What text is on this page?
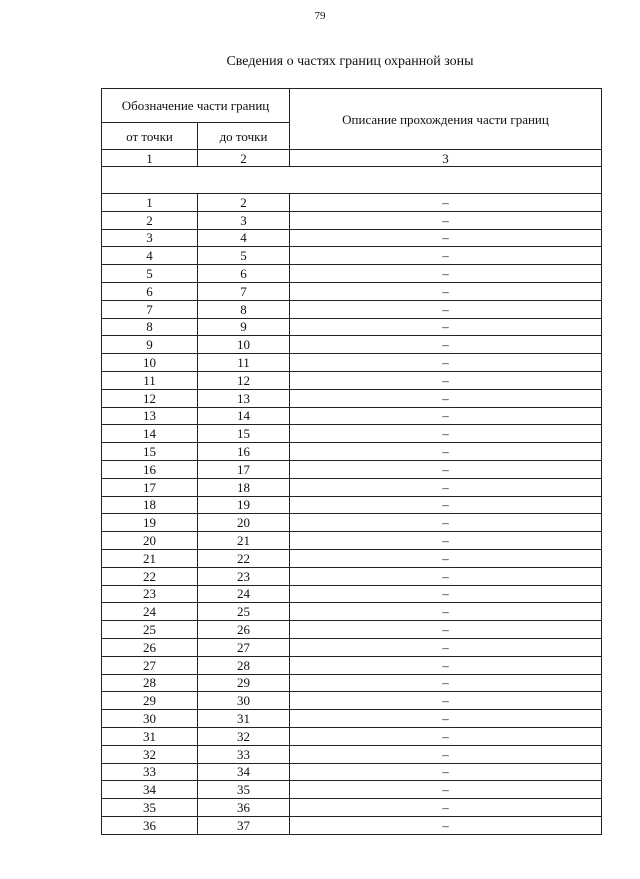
79
Сведения о частях границ охранной зоны
Обозначение части границ		Описание прохождения части границ
от точки	до точки	
1	2	3

1	2	–
2	3	–
3	4	–
4	5	–
5	6	–
6	7	–
7	8	–
8	9	–
9	10	–
10	11	–
11	12	–
12	13	–
13	14	–
14	15	–
15	16	–
16	17	–
17	18	–
18	19	–
19	20	–
20	21	–
21	22	–
22	23	–
23	24	–
24	25	–
25	26	–
26	27	–
27	28	–
28	29	–
29	30	–
30	31	–
31	32	–
32	33	–
33	34	–
34	35	–
35	36	–
36	37	–
